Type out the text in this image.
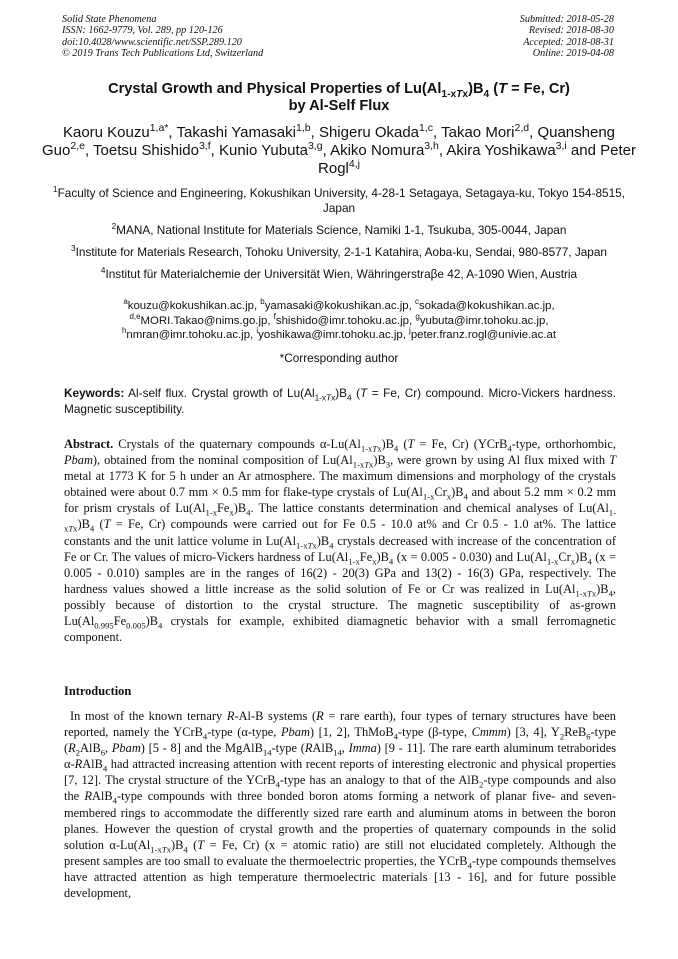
Solid State Phenomena
ISSN: 1662-9779, Vol. 289, pp 120-126
doi:10.4028/www.scientific.net/SSP.289.120
© 2019 Trans Tech Publications Ltd, Switzerland
Submitted: 2018-05-28
Revised: 2018-08-30
Accepted: 2018-08-31
Online: 2019-04-08
Crystal Growth and Physical Properties of $Lu(Al_{1-xTx})B_4$ (T = Fe, Cr)
by Al-Self Flux
Kaoru Kouzu$^{1,a*}$, Takashi Yamasaki$^{1,b}$, Shigeru Okada$^{1,c}$, Takao Mori$^{2,d}$, Quansheng Guo$^{2,e}$, Toetsu Shishido$^{3,f}$, Kunio Yubuta$^{3,g}$, Akiko Nomura$^{3,h}$, Akira Yoshikawa$^{3,i}$ and Peter Rogl$^{4,j}$

$^1$Faculty of Science and Engineering, Kokushikan University, 4-28-1 Setagaya, Setagaya-ku, Tokyo 154-8515, Japan

$^2$MANA, National Institute for Materials Science, Namiki 1-1, Tsukuba, 305-0044, Japan

$^3$Institute for Materials Research, Tohoku University, 2-1-1 Katahira, Aoba-ku, Sendai, 980-8577, Japan

$^4$Institut für Materialchemie der Universität Wien, Währingerstraβe 42, A-1090 Wien, Austria

$^a$kouzu@kokushikan.ac.jp, $^b$yamasaki@kokushikan.ac.jp, $^c$sokada@kokushikan.ac.jp,
$^{d,e}$MORI.Takao@nims.go.jp, $^f$shishido@imr.tohoku.ac.jp, $^g$yubuta@imr.tohoku.ac.jp,
$^h$nmran@imr.tohoku.ac.jp, $^i$yoshikawa@imr.tohoku.ac.jp, $^j$peter.franz.rogl@univie.ac.at
*Corresponding author
Keywords: Al-self flux. Crystal growth of $Lu(Al_{1-xTx})B_4$ (T = Fe, Cr) compound. Micro-Vickers hardness. Magnetic susceptibility.
Abstract. Crystals of the quaternary compounds $\alpha-Lu(Al_{1-xTx})B_4$ (T = Fe, Cr) (YCrB$_4$-type, orthorhombic, Pbam), obtained from the nominal composition of $Lu(Al_{1-xTx})B_3$, were grown by using Al flux mixed with T metal at 1773 K for 5 h under an Ar atmosphere. The maximum dimensions and morphology of the crystals obtained were about 0.7 mm × 0.5 mm for flake-type crystals of $Lu(Al_{1-x}Cr_x)B_4$ and about 5.2 mm × 0.2 mm for prism crystals of $Lu(Al_{1-x}Fe_x)B_4$. The lattice constants determination and chemical analyses of $Lu(Al_{1-xTx})B_4$ (T = Fe, Cr) compounds were carried out for Fe 0.5 - 10.0 at% and Cr 0.5 - 1.0 at%. The lattice constants and the unit lattice volume in $Lu(Al_{1-xTx})B_4$ crystals decreased with increase of the concentration of Fe or Cr. The values of micro-Vickers hardness of $Lu(Al_{1-x}Fe_x)B_4$ (x = 0.005 - 0.030) and $Lu(Al_{1-x}Cr_x)B_4$ (x = 0.005 - 0.010) samples are in the ranges of 16(2) - 20(3) GPa and 13(2) - 16(3) GPa, respectively. The hardness values showed a little increase as the solid solution of Fe or Cr was realized in $Lu(Al_{1-xTx})B_4$, possibly because of distortion to the crystal structure. The magnetic susceptibility of as-grown $Lu(Al_{0.995}Fe_{0.005})B_4$ crystals for example, exhibited diamagnetic behavior with a small ferromagnetic component.
Introduction
In most of the known ternary R-Al-B systems (R = rare earth), four types of ternary structures have been reported, namely the YCrB$_4$-type (α-type, Pbam) [1, 2], ThMoB$_4$-type (β-type, Cmmm) [3, 4], $Y_2ReB_6$-type ($R_2AlB_6$, Pbam) [5 - 8] and the MgAlB$_{14}$-type (RAlB$_{14}$, Imma) [9 - 11]. The rare earth aluminum tetraborides α-RAlB$_4$ had attracted increasing attention with recent reports of interesting electronic and physical properties [7, 12]. The crystal structure of the YCrB$_4$-type has an analogy to that of the AlB$_2$-type compounds and also the RAlB$_4$-type compounds with three bonded boron atoms forming a network of planar five- and seven-membered rings to accommodate the differently sized rare earth and aluminum atoms in between the boron planes. However the question of crystal growth and the properties of quaternary compounds in the solid solution $\alpha-Lu(Al_{1-xTx})B_4$ (T = Fe, Cr) (x = atomic ratio) are still not elucidated completely. Although the present samples are too small to evaluate the thermoelectric properties, the YCrB$_4$-type compounds themselves have attracted attention as high temperature thermoelectric materials [13 - 16], and for future possible development,
